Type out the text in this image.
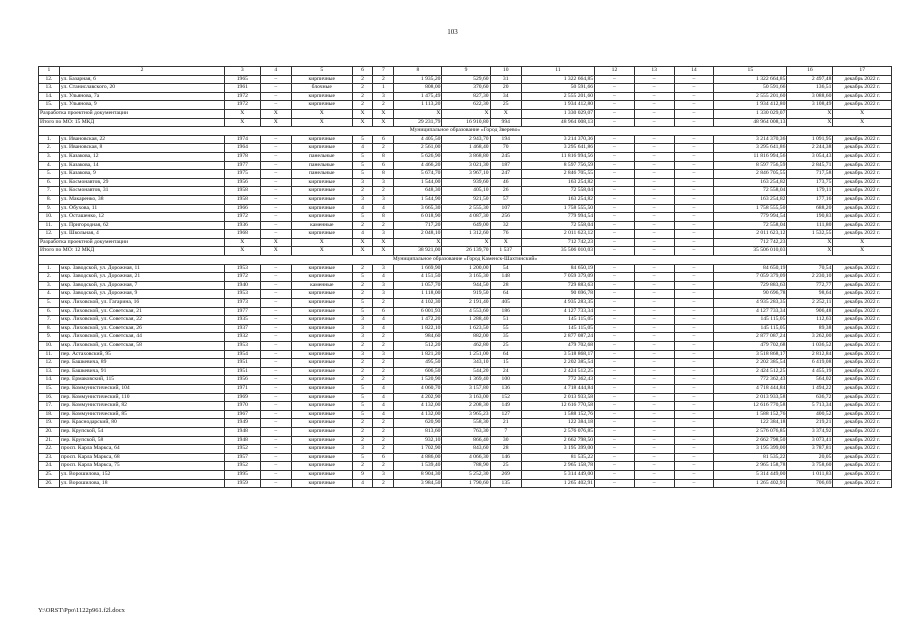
103
1	2	3	4	5	6	7	8	9	10	11	12	13	14	15	16	17
12.	ул. Базарная, 6	1965	–	кирпичные	2	2	1 935,20	529,60	31	1 322 664,85	–	–	–	1 322 664,85	2 497,48	декабрь 2022 г.
13.	ул. Станиславского, 20	1961	–	блочные	2	1	808,00	370,60	20	50 591,66	–	–	–	50 591,66	136,51	декабрь 2022 г.
14.	ул. Ульянова, 7а	1972	–	кирпичные	2	3	1 475,49	827,30	34	2 555 201,60	–	–	–	2 555 201,60	3 088,60	декабрь 2022 г.
15.	ул. Ульянова, 9	1972	–	кирпичные	2	2	1 113,20	622,30	25	1 934 412,80	–	–	–	1 934 412,80	3 108,49	декабрь 2022 г.
Разработка проектной документации		X	X	X	X	X	X	X	X	1 330 029,07	–	–	–	1 330 029,07	X	X
Итого по МО: 15 МКД		X	X	X	X	X	29 231,79	16 910,80	994	48 964 008,13	–	–	–	48 964 008,13	X	X
Муниципальное образование «Город Зверево»																
1.	ул. Ивановская, 22	1974	–	кирпичные	5	6	4 405,50	2 943,70	194	3 214 370,36	–	–	–	3 214 370,36	1 091,95	декабрь 2022 г.
2.	ул. Ивановская, 8	1964	–	кирпичные	4	2	2 561,00	1 468,40	70	3 295 641,86	–	–	–	3 295 641,86	2 244,38	декабрь 2022 г.
3.	ул. Казакова, 12	1978	–	панельные	5	8	5 626,90	3 868,80	245	11 816 994,56	–	–	–	11 816 994,56	3 054,43	декабрь 2022 г.
4.	ул. Казакова, 14	1977	–	панельные	5	6	4 466,20	3 021,30	187	8 597 756,59	–	–	–	8 597 756,59	2 845,71	декабрь 2022 г.
5.	ул. Казакова, 9	1975	–	панельные	5	8	5 674,70	3 967,10	247	2 846 705,55	–	–	–	2 846 705,55	717,58	декабрь 2022 г.
6.	ул. Космонавтов, 29	1956	–	кирпичные	3	3	1 544,00	939,60	46	163 254,82	–	–	–	163 254,82	173,75	декабрь 2022 г.
7.	ул. Космонавтов, 31	1958	–	кирпичные	2	2	648,30	405,10	26	72 558,04	–	–	–	72 558,04	179,11	декабрь 2022 г.
8.	ул. Макаренко, 38	1958	–	кирпичные	3	3	1 544,90	921,50	57	163 254,82	–	–	–	163 254,82	177,16	декабрь 2022 г.
9.	ул. Обухова, 11	1966	–	кирпичные	4	4	3 665,30	2 555,30	107	1 758 555,50	–	–	–	1 758 555,50	688,20	декабрь 2022 г.
10.	ул. Осташенко, 12	1972	–	кирпичные	5	8	6 018,90	4 087,30	256	779 994,54	–	–	–	779 994,54	190,83	декабрь 2022 г.
11.	ул. Пригородная, 62	1936	–	каменные	2	2	717,20	649,00	32	72 558,04	–	–	–	72 558,04	111,80	декабрь 2022 г.
12.	ул. Школьная, 4	1968	–	кирпичные	4	3	2 048,10	1 312,60	76	2 011 623,12	–	–	–	2 011 623,12	1 532,55	декабрь 2022 г.
Разработка проектной документации		X	X	X	X	X	X	X	X	712 742,23	–	–	–	712 742,23	X	X
Итого по МО: 12 МКД		X	X	X	X	X	38 921,00	26 139,70	1 537	35 506 010,03	–	–	–	35 506 010,03	X	X
Муниципальное образование «Город Каменск-Шахтинский»																
1.	мкр. Заводской, ул. Дорожная, 11	1953	–	кирпичные	2	3	1 669,90	1 200,00	54	84 650,19	–	–	–	84 650,19	70,54	декабрь 2022 г.
2.	мкр. Заводской, ул. Дорожная, 21	1972	–	кирпичные	5	4	4 151,50	3 165,30	148	7 059 379,09	–	–	–	7 059 379,09	2 230,10	декабрь 2022 г.
3.	мкр. Заводской, ул. Дорожная, 7	1940	–	каменные	2	3	1 057,70	944,50	28	729 883,63	–	–	–	729 883,63	772,77	декабрь 2022 г.
4.	мкр. Заводской, ул. Дорожная, 9	1953	–	кирпичные	2	3	1 118,00	919,50	64	90 696,78	–	–	–	90 696,78	98,64	декабрь 2022 г.
5.	мкр. Лиховской, ул. Гагарина, 16	1973	–	кирпичные	5	2	4 102,30	2 191,40	405	4 935 283,35	–	–	–	4 935 283,35	2 252,11	декабрь 2022 г.
6.	мкр. Лиховской, ул. Советская, 21	1977	–	кирпичные	5	6	6 001,93	4 553,60	186	4 127 733,34	–	–	–	4 127 733,34	906,48	декабрь 2022 г.
7.	мкр. Лиховской, ул. Советская, 22	1935	–	кирпичные	3	4	1 472,20	1 288,40	51	145 115,05	–	–	–	145 115,05	112,63	декабрь 2022 г.
8.	мкр. Лиховской, ул. Советская, 26	1937	–	кирпичные	3	4	1 822,10	1 623,50	55	145 115,05	–	–	–	145 115,05	89,38	декабрь 2022 г.
9.	мкр. Лиховской, ул. Советская, 44	1932	–	кирпичные	3	2	984,60	882,00	35	2 877 087,24	–	–	–	2 877 087,24	3 262,00	декабрь 2022 г.
10.	мкр. Лиховской, ул. Советская, 58	1953	–	кирпичные	2	2	512,20	462,80	25	479 702,68	–	–	–	479 702,68	1 036,52	декабрь 2022 г.
11.	пер. Астаховский, 95	1954	–	кирпичные	3	3	1 821,20	1 251,00	64	3 518 868,17	–	–	–	3 518 868,17	2 812,84	декабрь 2022 г.
12.	пер. Башкевича, 89	1951	–	кирпичные	2	2	495,50	343,10	15	2 202 385,54	–	–	–	2 202 385,54	6 419,08	декабрь 2022 г.
13.	пер. Башкевича, 91	1951	–	кирпичные	2	2	606,50	544,20	24	2 424 512,25	–	–	–	2 424 512,25	4 455,19	декабрь 2022 г.
14.	пер. Ермаковский, 115	1956	–	кирпичные	2	2	1 520,90	1 369,40	100	772 362,43	–	–	–	772 362,43	564,02	декабрь 2022 г.
15.	пер. Коммунистический, 104	1971	–	кирпичные	5	4	4 060,70	3 157,80	136	4 718 444,84	–	–	–	4 718 444,84	1 494,22	декабрь 2022 г.
16.	пер. Коммунистический, 110	1969	–	кирпичные	5	4	4 202,90	3 163,00	152	2 013 933,58	–	–	–	2 013 933,58	636,72	декабрь 2022 г.
17.	пер. Коммунистический, 82	1970	–	кирпичные	5	4	4 132,00	2 208,30	149	12 616 770,58	–	–	–	12 616 770,58	5 713,34	декабрь 2022 г.
18.	пер. Коммунистический, 85	1967	–	кирпичные	5	4	4 132,00	3 965,23	127	1 588 152,76	–	–	–	1 588 152,76	400,52	декабрь 2022 г.
19.	пер. Краснодарский, 80	1949	–	кирпичные	2	2	620,90	558,30	21	122 384,18	–	–	–	122 384,18	219,21	декабрь 2022 г.
20.	пер. Крупской, 54	1948	–	кирпичные	2	2	813,60	763,30	7	2 576 076,85	–	–	–	2 576 076,85	3 374,92	декабрь 2022 г.
21.	пер. Крупской, 58	1948	–	кирпичные	2	2	932,10	866,40	30	2 662 798,50	–	–	–	2 662 798,50	3 073,41	декабрь 2022 г.
22.	просп. Карла Маркса, 64	1952	–	кирпичные	3	2	1 702,90	843,60	28	3 195 399,00	–	–	–	3 195 399,00	3 787,81	декабрь 2022 г.
23.	просп. Карла Маркса, 68	1957	–	кирпичные	5	6	4 886,00	4 066,30	146	81 535,22	–	–	–	81 535,22	20,05	декабрь 2022 г.
24.	просп. Карла Маркса, 75	1952	–	кирпичные	2	2	1 539,40	788,90	25	2 965 158,78	–	–	–	2 965 158,78	3 758,60	декабрь 2022 г.
25.	ул. Ворошилова, 152	1995	–	кирпичные	9	3	8 904,30	5 252,30	269	5 314 449,00	–	–	–	5 314 449,00	1 011,83	декабрь 2022 г.
26.	ул. Ворошилова, 18	1959	–	кирпичные	4	2	3 984,50	1 790,60	135	1 265 402,91	–	–	–	1 265 402,91	706,69	декабрь 2022 г.
Y:\ORST\Ppo\1122p961.f2l.docx
